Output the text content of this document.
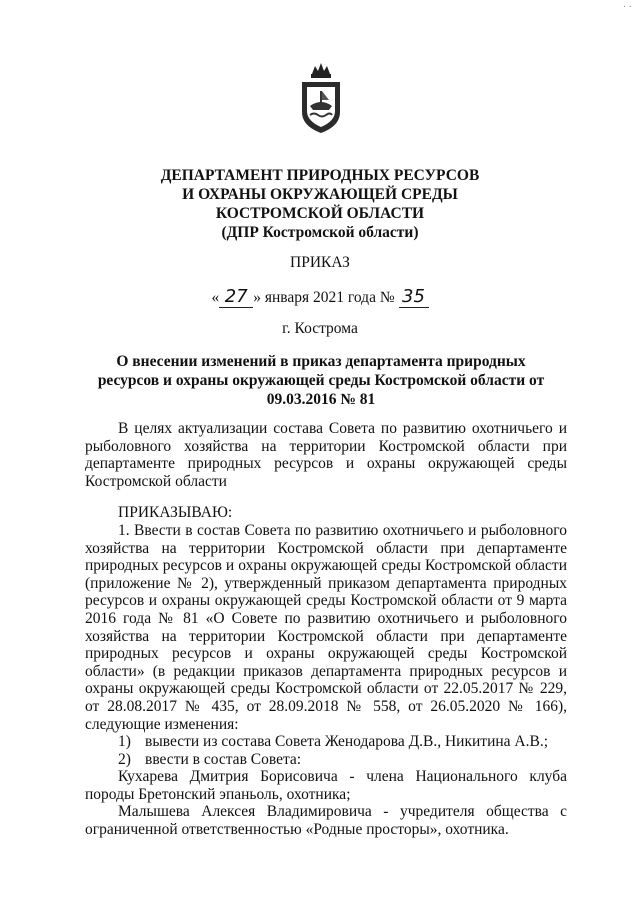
· ·
ДЕПАРТАМЕНТ ПРИРОДНЫХ РЕСУРСОВ
И ОХРАНЫ ОКРУЖАЮЩЕЙ СРЕДЫ
КОСТРОМСКОЙ ОБЛАСТИ
(ДПР Костромской области)
ПРИКАЗ
« 27 » января 2021 года № 35
г. Кострома
О внесении изменений в приказ департамента природных ресурсов и охраны окружающей среды Костромской области от 09.03.2016 № 81

В целях актуализации состава Совета по развитию охотничьего и рыболовного хозяйства на территории Костромской области при департаменте природных ресурсов и охраны окружающей среды Костромской области

ПРИКАЗЫВАЮ:

1. Ввести в состав Совета по развитию охотничьего и рыболовного хозяйства на территории Костромской области при департаменте природных ресурсов и охраны окружающей среды Костромской области (приложение № 2), утвержденный приказом департамента природных ресурсов и охраны окружающей среды Костромской области от 9 марта 2016 года № 81 «О Совете по развитию охотничьего и рыболовного хозяйства на территории Костромской области при департаменте природных ресурсов и охраны окружающей среды Костромской области» (в редакции приказов департамента природных ресурсов и охраны окружающей среды Костромской области от 22.05.2017 № 229, от 28.08.2017 № 435, от 28.09.2018 № 558, от 26.05.2020 № 166), следующие изменения:

1) вывести из состава Совета Женодарова Д.В., Никитина А.В.;
2) ввести в состав Совета:

Кухарева Дмитрия Борисовича - члена Национального клуба породы Бретонский эпаньоль, охотника;

Малышева Алексея Владимировича - учредителя общества с ограниченной ответственностью «Родные просторы», охотника.
